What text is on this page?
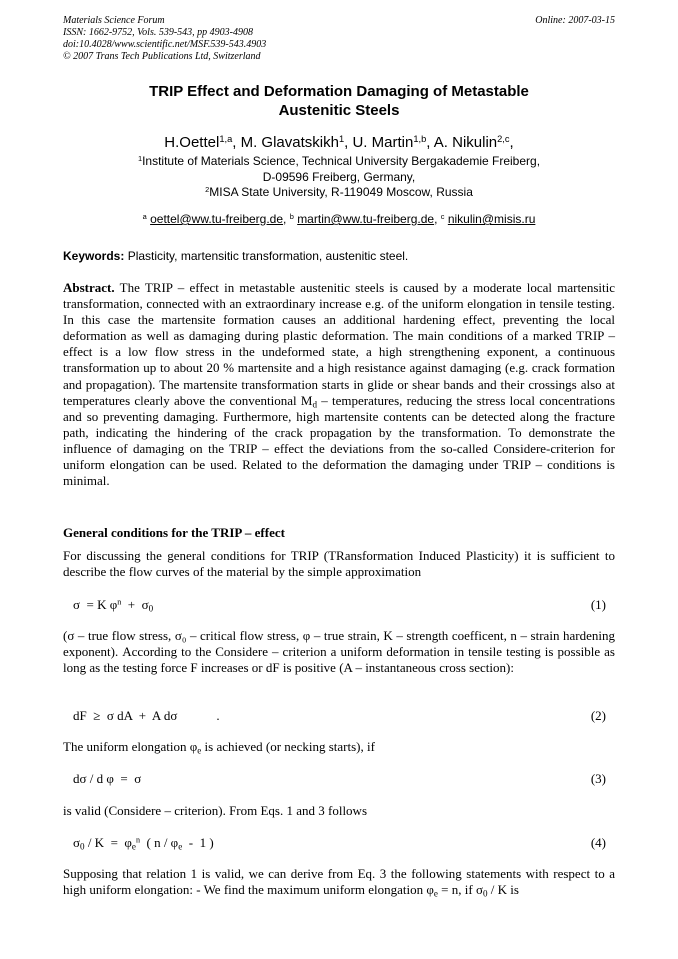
Materials Science Forum
ISSN: 1662-9752, Vols. 539-543, pp 4903-4908
doi:10.4028/www.scientific.net/MSF.539-543.4903
© 2007 Trans Tech Publications Ltd, Switzerland
Online: 2007-03-15
TRIP Effect and Deformation Damaging of Metastable
Austenitic Steels
H.Oettel$^{1,a}$, M. Glavatskikh$^1$, U. Martin$^{1,b}$, A. Nikulin$^{2,c}$,
$^1$Institute of Materials Science, Technical University Bergakademie Freiberg,
D-09596 Freiberg, Germany,
$^2$MISA State University, R-119049 Moscow, Russia
$^a$ oettel@ww.tu-freiberg.de, $^b$ martin@ww.tu-freiberg.de, $^c$ nikulin@misis.ru
Keywords: Plasticity, martensitic transformation, austenitic steel.
Abstract. The TRIP – effect in metastable austenitic steels is caused by a moderate local martensitic transformation, connected with an extraordinary increase e.g. of the uniform elongation in tensile testing. In this case the martensite formation causes an additional hardening effect, preventing the local deformation as well as damaging during plastic deformation. The main conditions of a marked TRIP – effect is a low flow stress in the undeformed state, a high strengthening exponent, a continuous transformation up to about 20 % martensite and a high resistance against damaging (e.g. crack formation and propagation). The martensite transformation starts in glide or shear bands and their crossings also at temperatures clearly above the conventional $M_d$ – temperatures, reducing the stress local concentrations and so preventing damaging. Furthermore, high martensite contents can be detected along the fracture path, indicating the hindering of the crack propagation by the transformation. To demonstrate the influence of damaging on the TRIP – effect the deviations from the so-called Considere-criterion for uniform elongation can be used. Related to the deformation the damaging under TRIP – conditions is minimal.
General conditions for the TRIP – effect
For discussing the general conditions for TRIP (TRansformation Induced Plasticity) it is sufficient to describe the flow curves of the material by the simple approximation
σ  = K $\varphi^n + \sigma_0$	(1)
(σ – true flow stress, σ₀ – critical flow stress, φ – true strain, K – strength coefficent, n – strain hardening exponent). According to the Considere – criterion a uniform deformation in tensile testing is possible as long as the testing force F increases or dF is positive (A – instantaneous cross section):
dF  ≥  σ dA  +  A dσ            .	(2)
The uniform elongation $\varphi_e$ is achieved (or necking starts), if
dσ / d φ  =  σ	(3)
is valid (Considere – criterion). From Eqs. 1 and 3 follows
$\sigma_0 / K = \varphi_e^n$  ( n / $\varphi_e - 1$ )	(4)
Supposing that relation 1 is valid, we can derive from Eq. 3 the following statements with respect to a high uniform elongation: - We find the maximum uniform elongation $\varphi_e = n$, if $\sigma_0$ / K is
